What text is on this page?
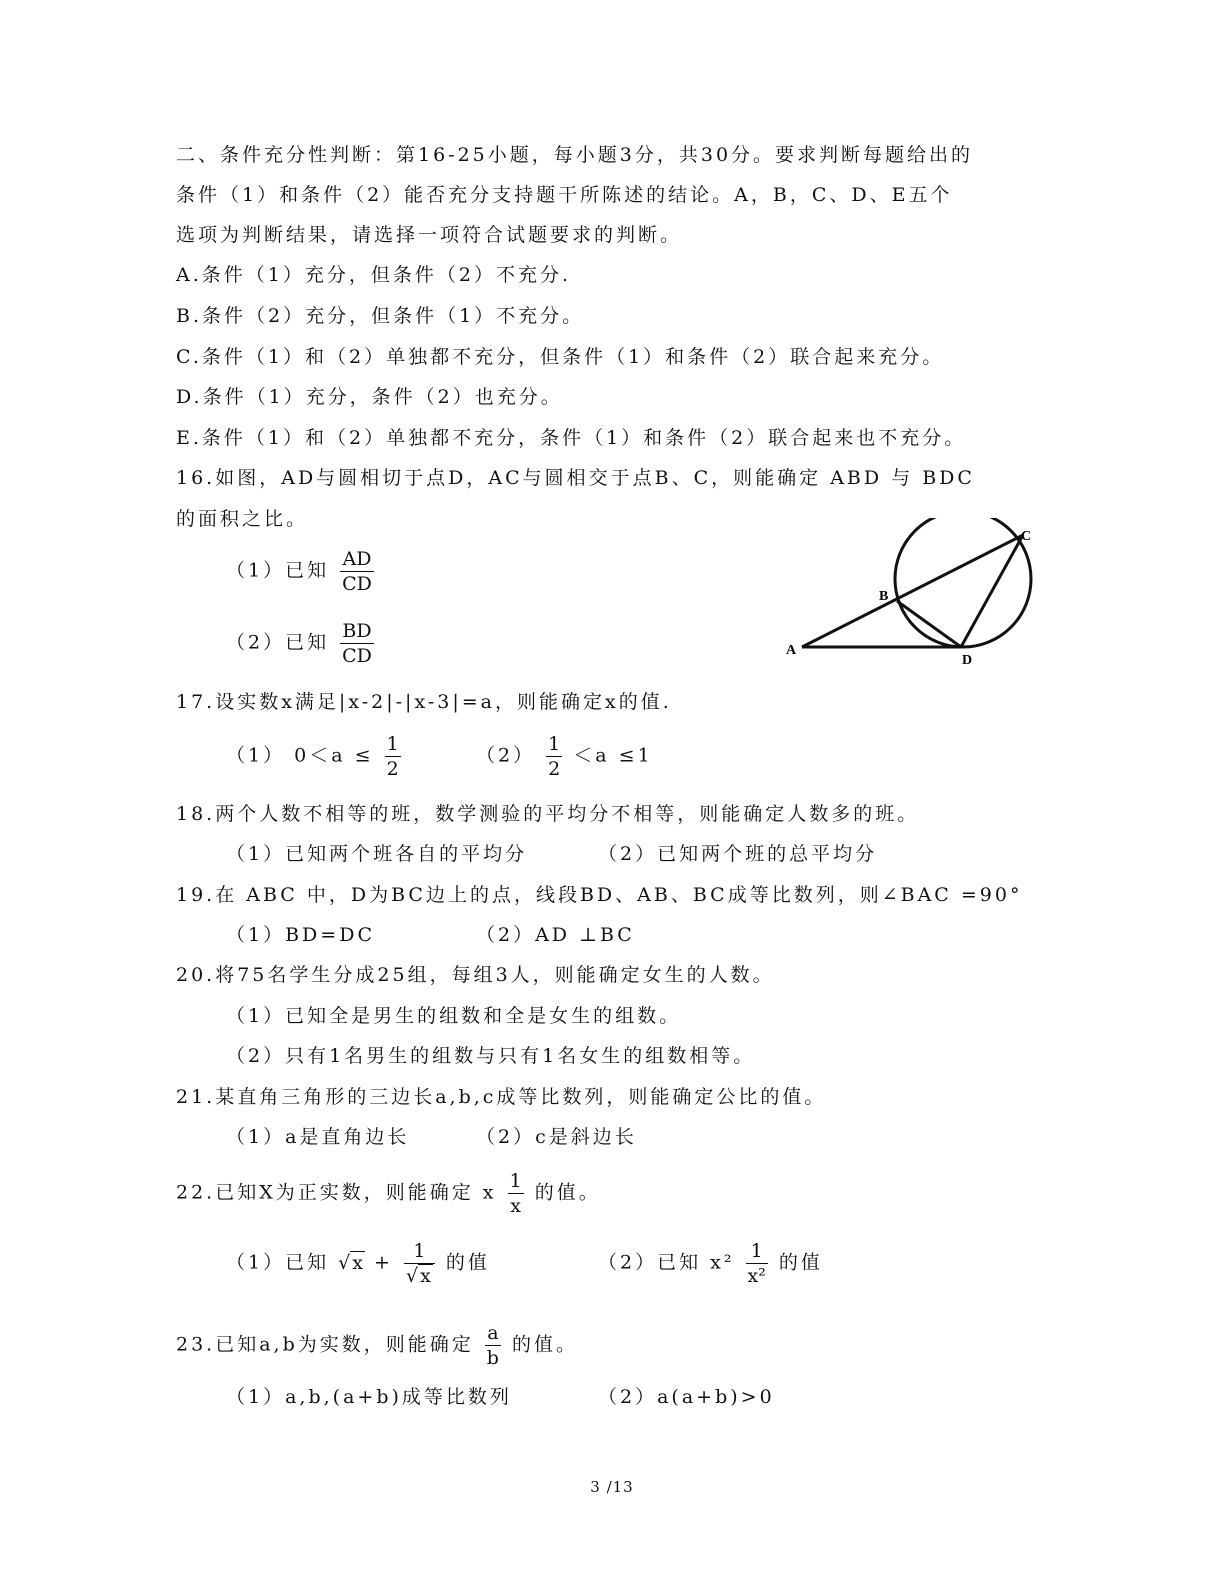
二、条件充分性判断：第16-25小题，每小题3分，共30分。要求判断每题给出的
条件（1）和条件（2）能否充分支持题干所陈述的结论。A，B，C、D、E五个
选项为判断结果，请选择一项符合试题要求的判断。
A.条件（1）充分，但条件（2）不充分.
B.条件（2）充分，但条件（1）不充分。
C.条件（1）和（2）单独都不充分，但条件（1）和条件（2）联合起来充分。
D.条件（1）充分，条件（2）也充分。
E.条件（1）和（2）单独都不充分，条件（1）和条件（2）联合起来也不充分。
16.如图，AD与圆相切于点D，AC与圆相交于点B、C，则能确定 ABD 与 BDC
的面积之比。
（1）已知 $\frac{AD}{CD}$
（2）已知 $\frac{BD}{CD}$	A
B
C
D
17.设实数x满足|x-2|-|x-3|=a，则能确定x的值.
（1） $0<a \le \frac{1}{2}$	$(2) \frac{1}{2} <a \le 1$
18.两个人数不相等的班，数学测验的平均分不相等，则能确定人数多的班。
（1）已知两个班各自的平均分	（2）已知两个班的总平均分
19.在 ABC 中，D为BC边上的点，线段BD、AB、BC成等比数列，则∠BAC =90°
（1）BD=DC	（2）AD ⊥BC
20.将75名学生分成25组，每组3人，则能确定女生的人数。
（1）已知全是男生的组数和全是女生的组数。
（2）只有1名男生的组数与只有1名女生的组数相等。
21.某直角三角形的三边长a,b,c成等比数列，则能确定公比的值。
（1）a是直角边长	（2）c是斜边长
22.已知X为正实数，则能确定 x $\frac{1}{x}$ 的值。
（1）已知 √ $x + \frac{1}{√ x}$ 的值	（2）已知 $x^2 \frac{1}{\text{x²}}$ 的值
23.已知a,b为实数，则能确定 $\frac{a}{b}$ 的值。
（1）a,b,(a+b)成等比数列	（2）a(a+b)>0
3 /13
